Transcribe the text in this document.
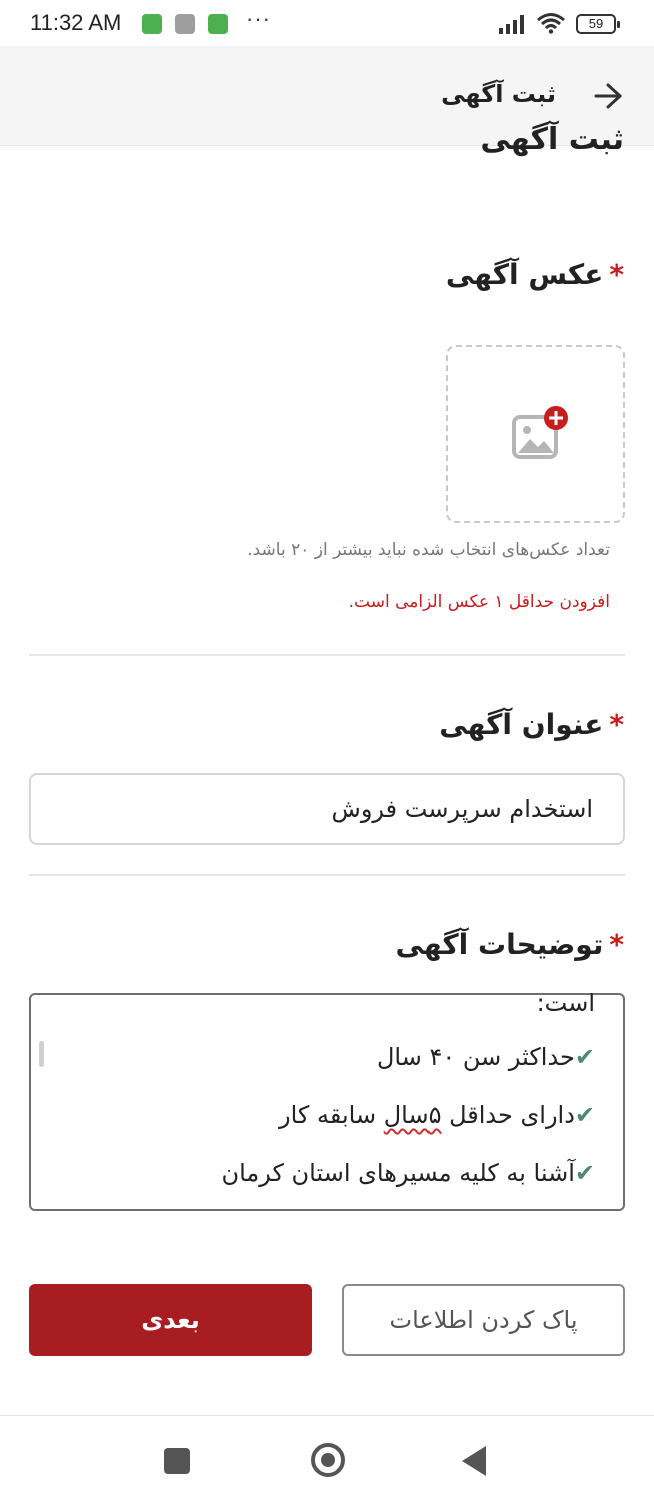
11:32 AM	···	59
ثبت آگهی
ثبت آگهی
*عکس آگهی
تعداد عکس‌های انتخاب شده نباید بیشتر از ۲۰ باشد.
افزودن حداقل ۱ عکس الزامی است.
*عنوان آگهی
استخدام سرپرست فروش
*توضیحات آگهی
است:
✔حداکثر سن ۴۰ سال
✔دارای حداقل ۵سال سابقه کار
✔آشنا به کلیه مسیرهای استان کرمان
بعدی	پاک کردن اطلاعات
